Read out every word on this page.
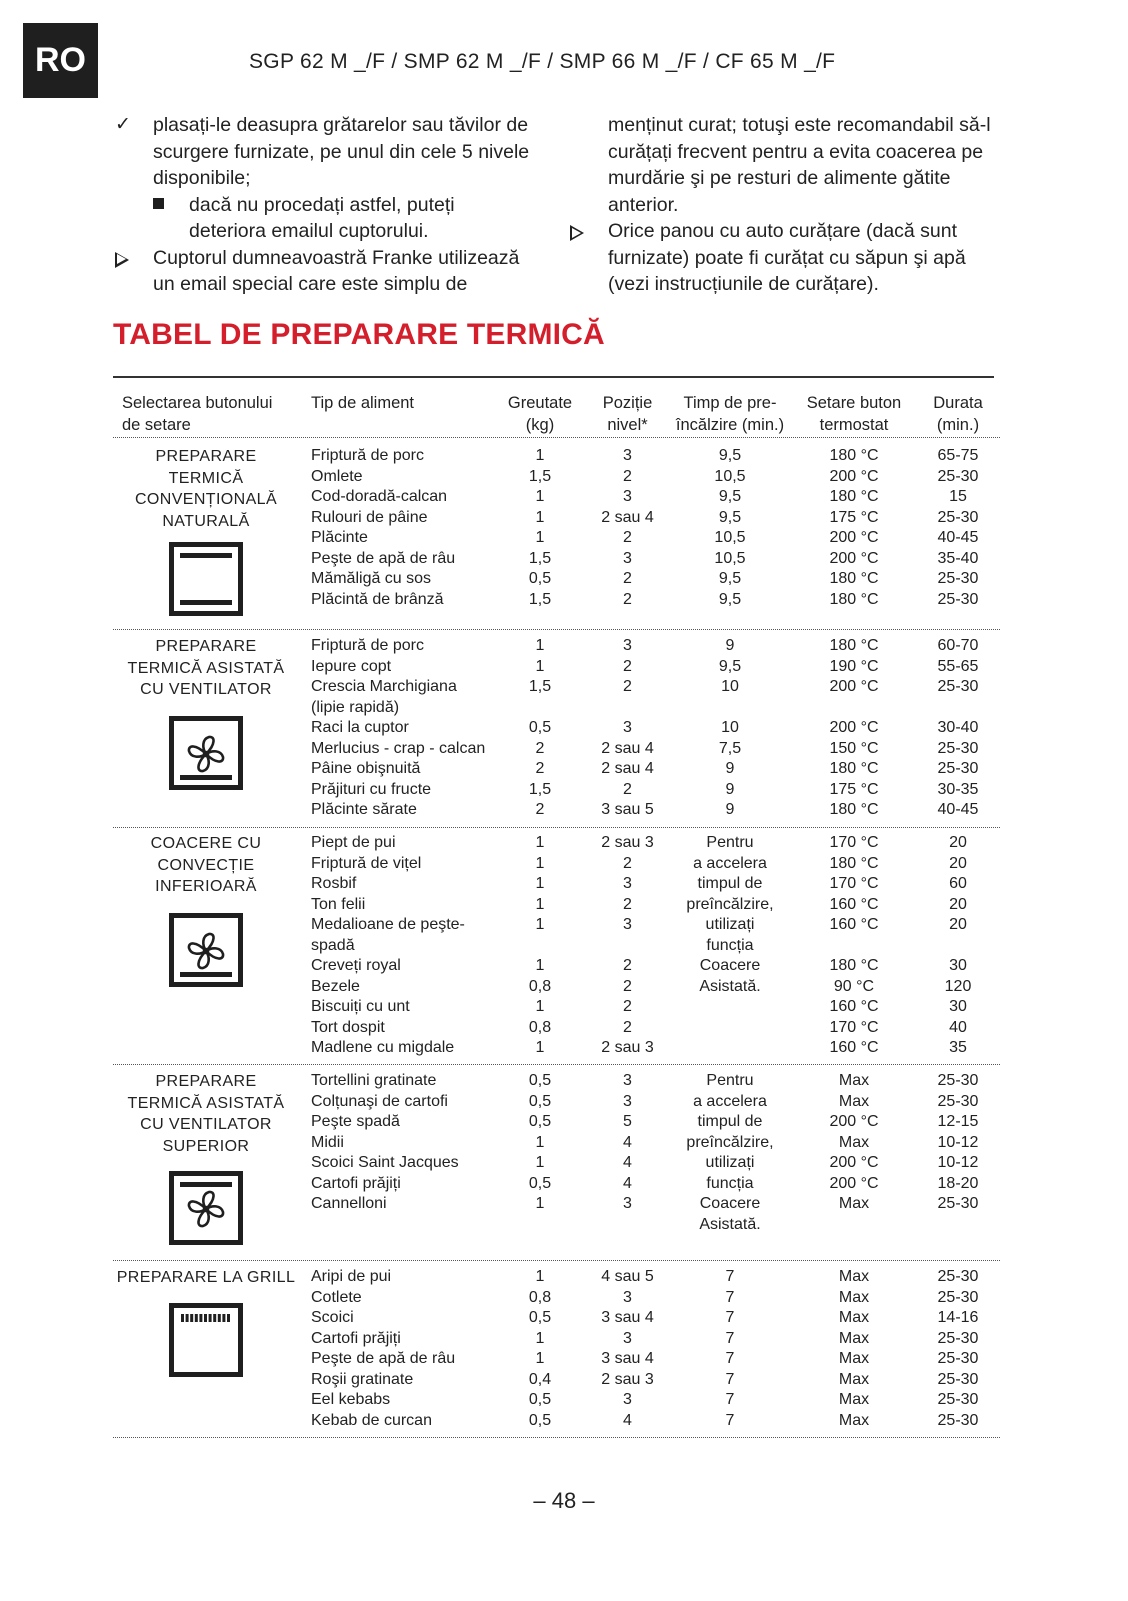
RO	SGP 62 M _/F / SMP 62 M _/F / SMP 66 M _/F / CF 65 M _/F
✓ plasați-le deasupra grătarelor sau tăvilor de scurgere furnizate, pe unul din cele 5 nivele disponibile;
dacă nu procedați astfel, puteți deteriora emailul cuptorului.
Cuptorul dumneavoastră Franke utilizează un email special care este simplu de
menținut curat; totuşi este recomandabil să-l curățați frecvent pentru a evita coacerea pe murdărie şi pe resturi de alimente gătite anterior.
Orice panou cu auto curățare (dacă sunt furnizate) poate fi curățat cu săpun şi apă (vezi instrucțiunile de curățare).
TABEL DE PREPARARE TERMICĂ
Selectarea butonului
de setare
Tip de aliment	Greutate
(kg)
Poziție
nivel*
Timp de pre-
încălzire (min.)
Setare buton
termostat
Durata
(min.)
PREPARARE
TERMICĂ
CONVENȚIONALĂ
NATURALĂ
Friptură de porc
Omlete
Cod-doradă-calcan
Rulouri de pâine
Plăcinte
Peşte de apă de râu
Mămăligă cu sos
Plăcintă de brânză
1
1,5
1
1
1
1,5
0,5
1,5
3
2
3
2 sau 4
2
3
2
2
9,5
10,5
9,5
9,5
10,5
10,5
9,5
9,5
180 °C
200 °C
180 °C
175 °C
200 °C
200 °C
180 °C
180 °C
65-75
25-30
15
25-30
40-45
35-40
25-30
25-30
PREPARARE
TERMICĂ ASISTATĂ
CU VENTILATOR
Friptură de porc
Iepure copt
Crescia Marchigiana
(lipie rapidă)
Raci la cuptor
Merlucius - crap - calcan
Pâine obişnuită
Prăjituri cu fructe
Plăcinte sărate
1
1
1,5
0,5
2
2
1,5
2
3
2
2
3
2 sau 4
2 sau 4
2
3 sau 5
9
9,5
10
10
7,5
9
9
9
180 °C
190 °C
200 °C
200 °C
150 °C
180 °C
175 °C
180 °C
60-70
55-65
25-30
30-40
25-30
25-30
30-35
40-45
COACERE CU
CONVECȚIE
INFERIOARĂ
Piept de pui
Friptură de vițel
Rosbif
Ton felii
Medalioane de peşte-
spadă
Creveți royal
Bezele
Biscuiți cu unt
Tort dospit
Madlene cu migdale
1
1
1
1
1
1
0,8
1
0,8
1
2 sau 3
2
3
2
3
2
2
2
2
2 sau 3
Pentru
a accelera
timpul de
preîncălzire,
utilizați
funcția
Coacere
Asistată.
170 °C
180 °C
170 °C
160 °C
160 °C
180 °C
90 °C
160 °C
170 °C
160 °C
20
20
60
20
20
30
120
30
40
35
PREPARARE
TERMICĂ ASISTATĂ
CU VENTILATOR
SUPERIOR
Tortellini gratinate
Colțunaşi de cartofi
Peşte spadă
Midii
Scoici Saint Jacques
Cartofi prăjiți
Cannelloni
0,5
0,5
0,5
1
1
0,5
1
3
3
5
4
4
4
3
Pentru
a accelera
timpul de
preîncălzire,
utilizați
funcția
Coacere
Asistată.
Max
Max
200 °C
Max
200 °C
200 °C
Max
25-30
25-30
12-15
10-12
10-12
18-20
25-30
PREPARARE LA GRILL Aripi de pui
Cotlete
Scoici
Cartofi prăjiți
Peşte de apă de râu
Roşii gratinate
Eel kebabs
Kebab de curcan
1
0,8
0,5
1
1
0,4
0,5
0,5
4 sau 5
3
3 sau 4
3
3 sau 4
2 sau 3
3
4
7
7
7
7
7
7
7
7
Max
Max
Max
Max
Max
Max
Max
Max
25-30
25-30
14-16
25-30
25-30
25-30
25-30
25-30
– 48 –
